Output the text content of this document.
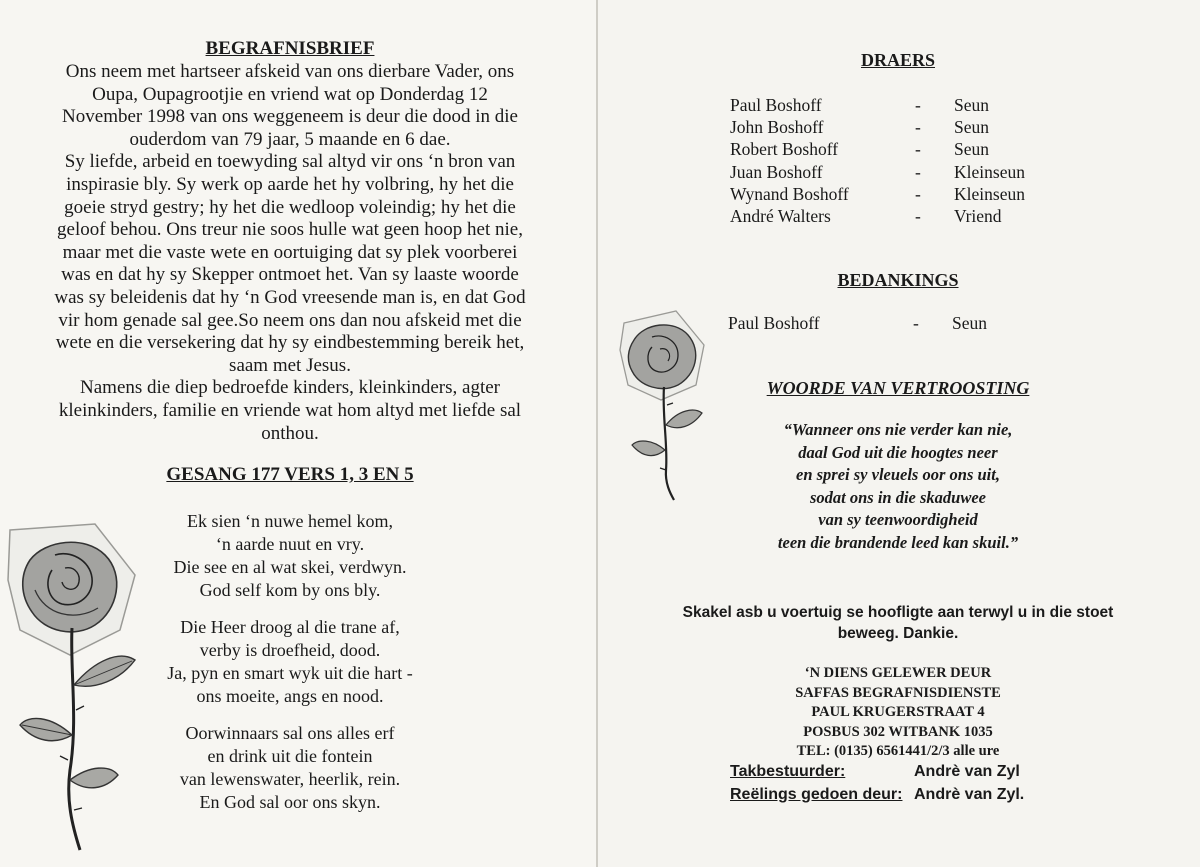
BEGRAFNISBRIEF
Ons neem met hartseer afskeid van ons dierbare Vader, ons
Oupa, Oupagrootjie en vriend wat op Donderdag 12
November 1998 van ons weggeneem is deur die dood in die
ouderdom van 79 jaar, 5 maande en 6 dae.
Sy liefde, arbeid en toewyding sal altyd vir ons ‘n bron van
inspirasie bly. Sy werk op aarde het hy volbring, hy het die
goeie stryd gestry; hy het die wedloop voleindig; hy het die
geloof behou. Ons treur nie soos hulle wat geen hoop het nie,
maar met die vaste wete en oortuiging dat sy plek voorberei
was en dat hy sy Skepper ontmoet het. Van sy laaste woorde
was sy beleidenis dat hy ‘n God vreesende man is, en dat God
vir hom genade sal gee.So neem ons dan nou afskeid met die
wete en die versekering dat hy sy eindbestemming bereik het,
saam met Jesus.
Namens die diep bedroefde kinders, kleinkinders, agter
kleinkinders, familie en vriende wat hom altyd met liefde sal
onthou.
GESANG 177 VERS 1, 3 EN 5
Ek sien ‘n nuwe hemel kom,
‘n aarde nuut en vry.
Die see en al wat skei, verdwyn.
God self kom by ons bly.
Die Heer droog al die trane af,
verby is droefheid, dood.
Ja, pyn en smart wyk uit die hart -
ons moeite, angs en nood.
Oorwinnaars sal ons alles erf
en drink uit die fontein
van lewenswater, heerlik, rein.
En God sal oor ons skyn.
DRAERS
Paul Boshoff	-	Seun
John Boshoff	-	Seun
Robert Boshoff	-	Seun
Juan Boshoff	-	Kleinseun
Wynand Boshoff	-	Kleinseun
André Walters	-	Vriend
BEDANKINGS
Paul Boshoff	- Seun
WOORDE VAN VERTROOSTING
“Wanneer ons nie verder kan nie,
daal God uit die hoogtes neer
en sprei sy vleuels oor ons uit,
sodat ons in die skaduwee
van sy teenwoordigheid
teen die brandende leed kan skuil.”
Skakel asb u voertuig se hoofligte aan terwyl u in die stoet
beweeg. Dankie.
‘N DIENS GELEWER DEUR
SAFFAS BEGRAFNISDIENSTE
PAUL KRUGERSTRAAT 4
POSBUS 302 WITBANK 1035
TEL: (0135) 6561441/2/3 alle ure
Takbestuurder:	Andrè van Zyl
Reëlings gedoen deur: Andrè van Zyl.
